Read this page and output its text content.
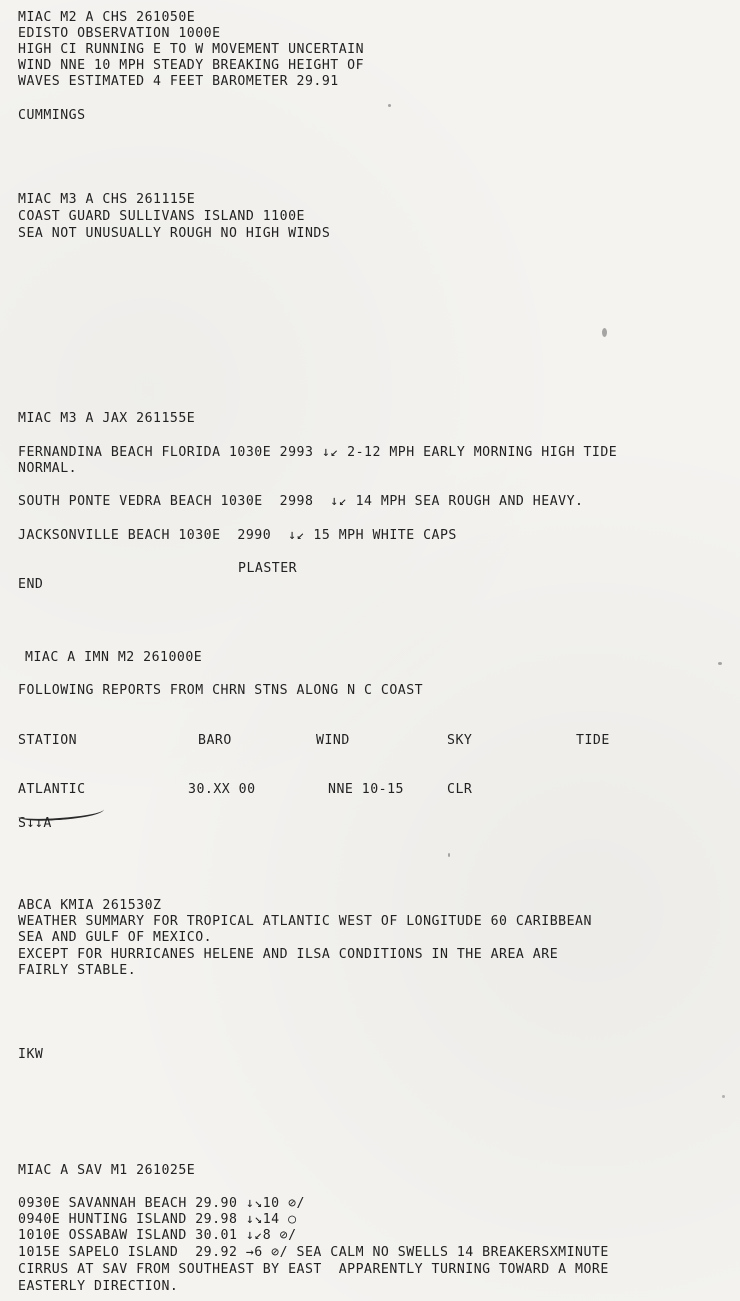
MIAC M2 A CHS 261050E

EDISTO OBSERVATION 1000E

HIGH CI RUNNING E TO W MOVEMENT UNCERTAIN

WIND NNE 10 MPH STEADY BREAKING HEIGHT OF

WAVES ESTIMATED 4 FEET BAROMETER 29.91

CUMMINGS

MIAC M3 A CHS 261115E

COAST GUARD SULLIVANS ISLAND 1100E

SEA NOT UNUSUALLY ROUGH NO HIGH WINDS

MIAC M3 A JAX 261155E

FERNANDINA BEACH FLORIDA 1030E 2993 ↓↙ 2-12 MPH EARLY MORNING HIGH TIDE

NORMAL.

SOUTH PONTE VEDRA BEACH 1030E  2998  ↓↙ 14 MPH SEA ROUGH AND HEAVY.

JACKSONVILLE BEACH 1030E  2990  ↓↙ 15 MPH WHITE CAPS

PLASTER

END

MIAC A IMN M2 261000E

FOLLOWING REPORTS FROM CHRN STNS ALONG N C COAST

STATION	BARO	WIND	SKY	TIDE

ATLANTIC	30.XX 00	NNE 10-15	CLR

S↓↓A

ABCA KMIA 261530Z

WEATHER SUMMARY FOR TROPICAL ATLANTIC WEST OF LONGITUDE 60 CARIBBEAN

SEA AND GULF OF MEXICO.

EXCEPT FOR HURRICANES HELENE AND ILSA CONDITIONS IN THE AREA ARE

FAIRLY STABLE.

IKW

MIAC A SAV M1 261025E

0930E SAVANNAH BEACH 29.90 ↓↘10 ⊘/

0940E HUNTING ISLAND 29.98 ↓↘14 ○

1010E OSSABAW ISLAND 30.01 ↓↙8 ⊘/

1015E SAPELO ISLAND  29.92 →6 ⊘/ SEA CALM NO SWELLS 14 BREAKERSXMINUTE

CIRRUS AT SAV FROM SOUTHEAST BY EAST  APPARENTLY TURNING TOWARD A MORE

EASTERLY DIRECTION.
